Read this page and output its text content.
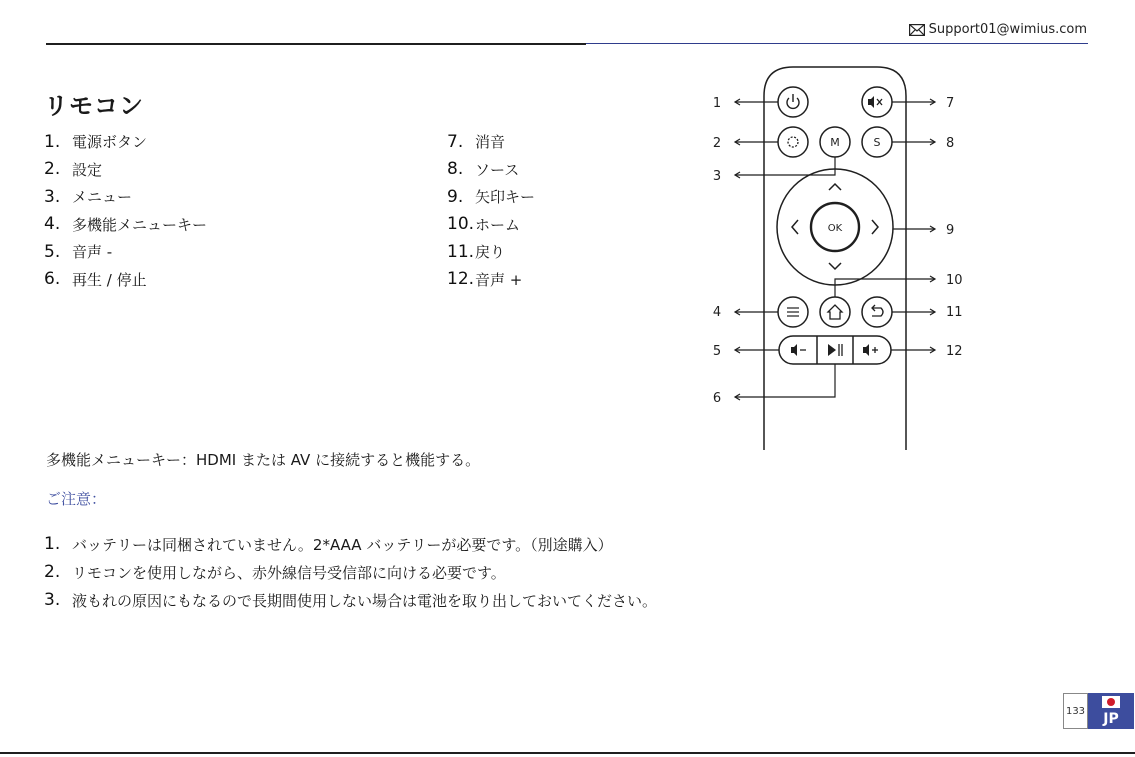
Support01@wimius.com
リモコン
1. 電源ボタン
2. 設定
3. メニュー
4. 多機能メニューキー
5. 音声 -
6. 再生 / 停止
7. 消音
8. ソース
9. 矢印キー
10. ホーム
11. 戻り
12. 音声 +
多機能メニューキー：HDMI または AV に接続すると機能する。
ご注意：
1. バッテリーは同梱されていません。2*AAA バッテリーが必要です。（別途購入）
2. リモコンを使用しながら、赤外線信号受信部に向ける必要です。
3. 液もれの原因にもなるので長期間使用しない場合は電池を取り出しておいてください。
M	S
OK
1
2
3
4
5
6
7
8
9
10
11
12
133	JP
